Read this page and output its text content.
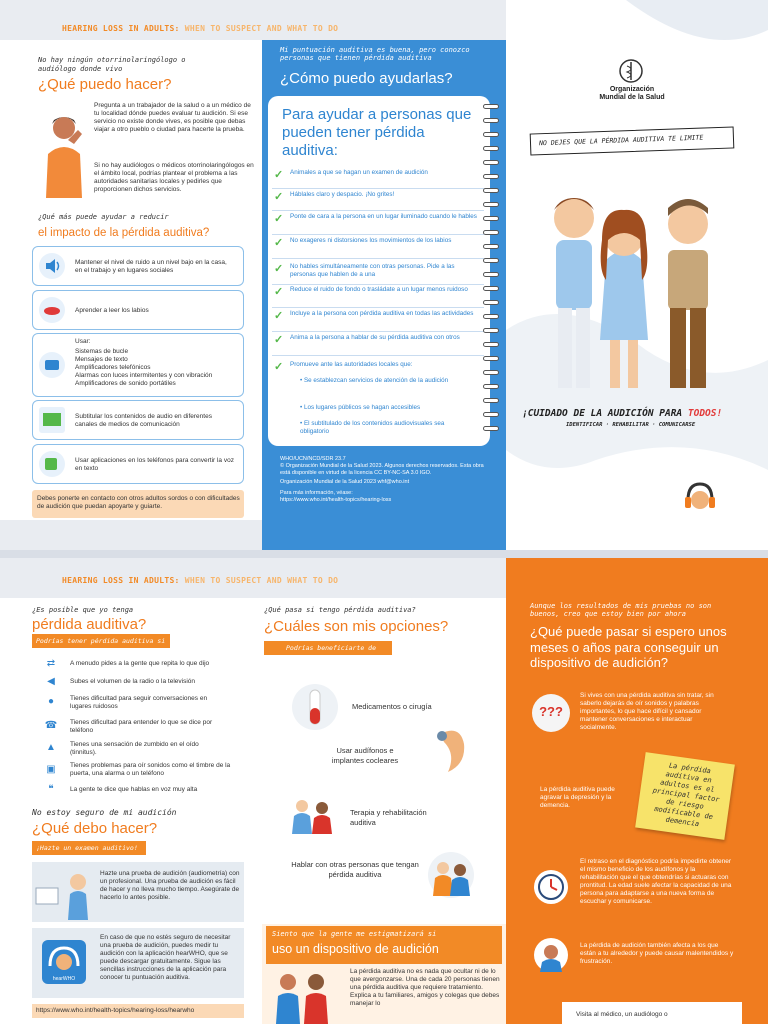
HEARING LOSS IN ADULTS: WHEN TO SUSPECT AND WHAT TO DO
No hay ningún otorrinolaringólogo o audiólogo donde vivo
¿Qué puedo hacer?
Pregunta a un trabajador de la salud o a un médico de tu localidad dónde puedes evaluar tu audición. Si ese servicio no existe donde vives, es posible que debas viajar a otro pueblo o ciudad para hacerte la prueba.
Si no hay audiólogos o médicos otorrinolaringólogos en el ámbito local, podrías plantear el problema a las autoridades sanitarias locales y pedirles que proporcionen dichos servicios.
¿Qué más puede ayudar a reducir
el impacto de la pérdida auditiva?
Mantener el nivel de ruido a un nivel bajo en la casa, en el trabajo y en lugares sociales
Aprender a leer los labios
Usar:
Sistemas de bucle
Mensajes de texto
Amplificadores telefónicos
Alarmas con luces intermitentes y con vibración
Amplificadores de sonido portátiles
Subtitular los contenidos de audio en diferentes canales de medios de comunicación
Usar aplicaciones en los teléfonos para convertir la voz en texto
Debes ponerte en contacto con otros adultos sordos o con dificultades de audición que puedan apoyarte y guiarte.
Mi puntuación auditiva es buena, pero conozco personas que tienen pérdida auditiva
¿Cómo puedo ayudarlas?
Para ayudar a personas que pueden tener pérdida auditiva:
✓ Animales a que se hagan un examen de audición
✓ Háblales claro y despacio. ¡No grites!
✓ Ponte de cara a la persona en un lugar iluminado cuando le hables
✓ No exageres ni distorsiones los movimientos de los labios
✓ No hables simultáneamente con otras personas. Pide a las personas que hablen de a una
✓ Reduce el ruido de fondo o trasládate a un lugar menos ruidoso
✓ Incluye a la persona con pérdida auditiva en todas las actividades
✓ Anima a la persona a hablar de su pérdida auditiva con otros
✓ Promueve ante las autoridades locales que:
• Se establezcan servicios de atención de la audición
• Los lugares públicos se hagan accesibles
• El subtitulado de los contenidos audiovisuales sea obligatorio
WHO/UCN/NCD/SDR 23.7
© Organización Mundial de la Salud 2023. Algunos derechos reservados. Esta obra está disponible en virtud de la licencia CC BY-NC-SA 3.0 IGO.
Organización Mundial de la Salud 2023 whf@who.int
Para más información, véase:
https://www.who.int/health-topics/hearing-loss
Organización
Mundial de la Salud
NO DEJES QUE LA PÉRDIDA AUDITIVA TE LIMITE
¡CUIDADO DE LA AUDICIÓN PARA TODOS!
IDENTIFICAR · REHABILITAR · COMUNICARSE
HEARING LOSS IN ADULTS: WHEN TO SUSPECT AND WHAT TO DO
¿Es posible que yo tenga
pérdida auditiva?
Podrías tener pérdida auditiva si
⇄	A menudo pides a la gente que repita lo que dijo
◀	Subes el volumen de la radio o la televisión
●	Tienes dificultad para seguir conversaciones en lugares ruidosos
☎ Tienes dificultad para entender lo que se dice por teléfono
▲	Tienes una sensación de zumbido en el oído (tinnitus).
▣	Tienes problemas para oír sonidos como el timbre de la puerta, una alarma o un teléfono
❝	La gente te dice que hablas en voz muy alta
No estoy seguro de mi audición
¿Qué debo hacer?
¡Hazte un examen auditivo!
Hazte una prueba de audición (audiometría) con un profesional. Una prueba de audición es fácil de hacer y no lleva mucho tiempo. Asegúrate de hacerlo lo antes posible.
hearWHO
En caso de que no estés seguro de necesitar una prueba de audición, puedes medir tu audición con la aplicación hearWHO, que se puede descargar gratuitamente. Sigue las sencillas instrucciones de la aplicación para conocer tu puntuación auditiva.
https://www.who.int/health-topics/hearing-loss/hearwho
¿Qué pasa si tengo pérdida auditiva?
¿Cuáles son mis opciones?
Podrías beneficiarte de
Medicamentos o cirugía
Usar audífonos e implantes cocleares
Terapia y rehabilitación auditiva
Hablar con otras personas que tengan pérdida auditiva
Siento que la gente me estigmatizará si
uso un dispositivo de audición
La pérdida auditiva no es nada que ocultar ni de lo que avergonzarse. Una de cada 20 personas tienen una pérdida auditiva que requiere tratamiento. Explica a tu familiares, amigos y colegas que debes manejar lo
Aunque los resultados de mis pruebas no son buenos, creo que estoy bien por ahora
¿Qué puede pasar si espero unos meses o años para conseguir un dispositivo de audición?
???
Si vives con una pérdida auditiva sin tratar, sin saberlo dejarás de oír sonidos y palabras importantes, lo que hace difícil y cansador mantener conversaciones e interactuar socialmente.
La pérdida auditiva puede agravar la depresión y la demencia.
La pérdida auditiva en adultos es el principal factor de riesgo modificable de demencia
El retraso en el diagnóstico podría impedirte obtener el mismo beneficio de los audífonos y la rehabilitación que el que obtendrías si actuaras con prontitud. La edad suele afectar la capacidad de una persona para adaptarse a una nueva forma de escuchar y comunicarse.
La pérdida de audición también afecta a los que están a tu alrededor y puede causar malentendidos y frustración.
Visita al médico, un audiólogo o
